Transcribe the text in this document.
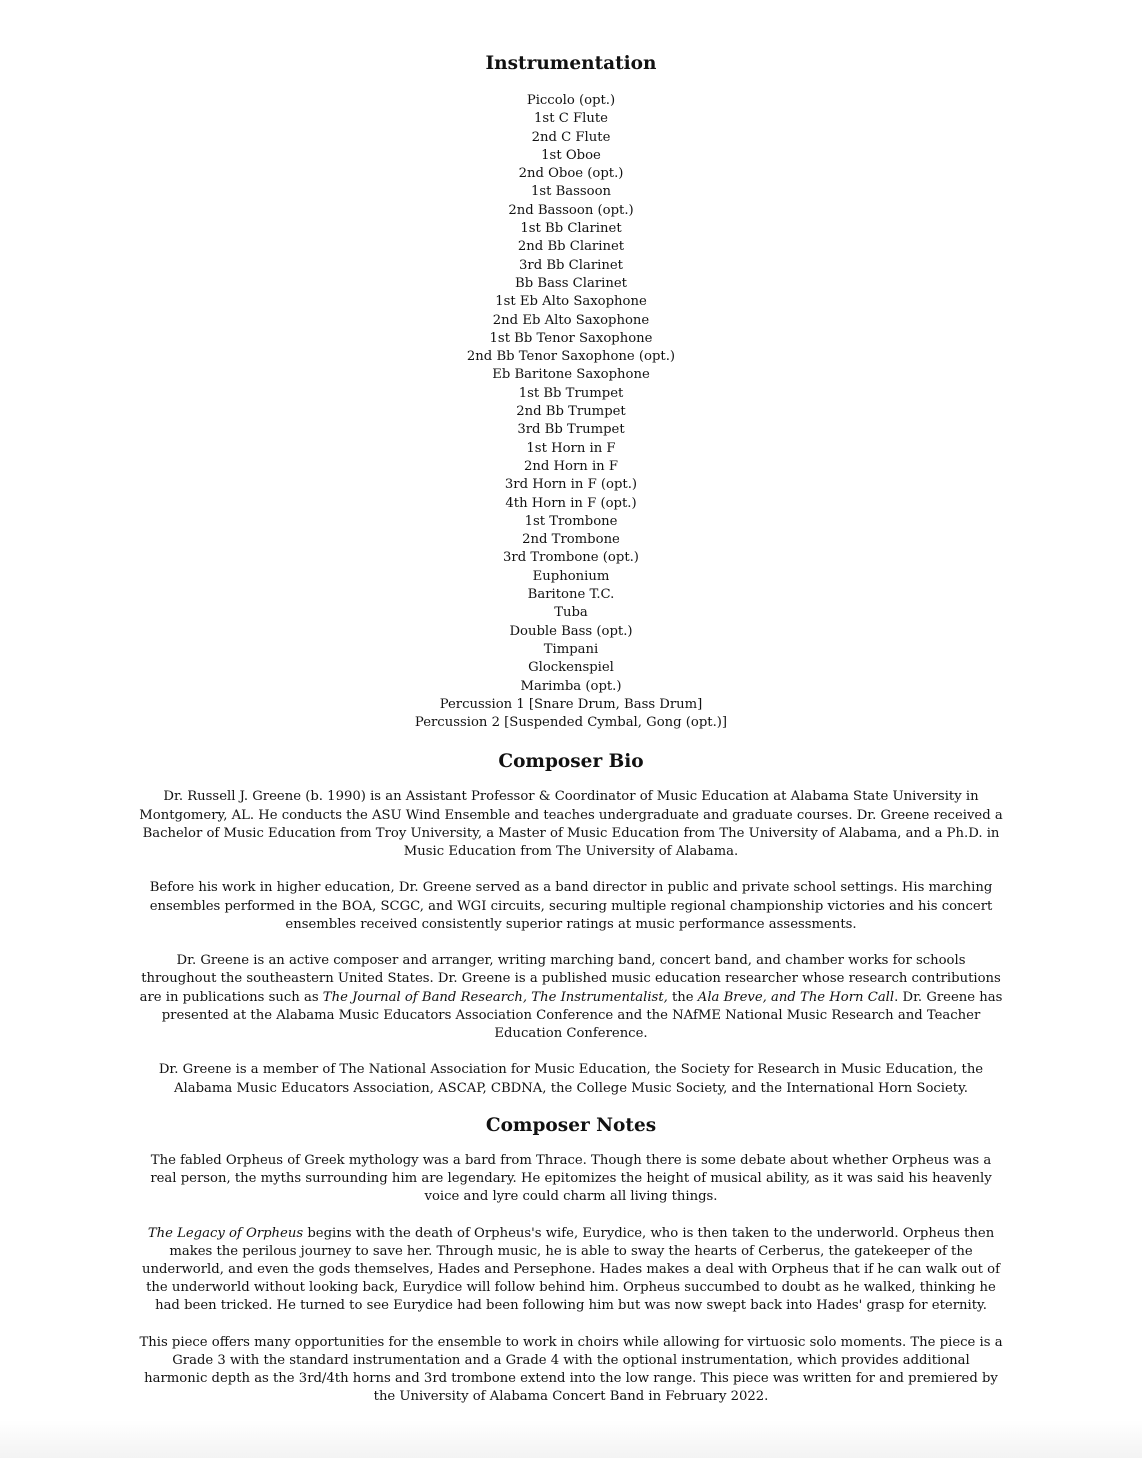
Instrumentation
Piccolo (opt.)
1st C Flute
2nd C Flute
1st Oboe
2nd Oboe (opt.)
1st Bassoon
2nd Bassoon (opt.)
1st Bb Clarinet
2nd Bb Clarinet
3rd Bb Clarinet
Bb Bass Clarinet
1st Eb Alto Saxophone
2nd Eb Alto Saxophone
1st Bb Tenor Saxophone
2nd Bb Tenor Saxophone (opt.)
Eb Baritone Saxophone
1st Bb Trumpet
2nd Bb Trumpet
3rd Bb Trumpet
1st Horn in F
2nd Horn in F
3rd Horn in F (opt.)
4th Horn in F (opt.)
1st Trombone
2nd Trombone
3rd Trombone (opt.)
Euphonium
Baritone T.C.
Tuba
Double Bass (opt.)
Timpani
Glockenspiel
Marimba (opt.)
Percussion 1 [Snare Drum, Bass Drum]
Percussion 2 [Suspended Cymbal, Gong (opt.)]
Composer Bio

Dr. Russell J. Greene (b. 1990) is an Assistant Professor & Coordinator of Music Education at Alabama State University in Montgomery, AL. He conducts the ASU Wind Ensemble and teaches undergraduate and graduate courses. Dr. Greene received a Bachelor of Music Education from Troy University, a Master of Music Education from The University of Alabama, and a Ph.D. in Music Education from The University of Alabama.

Before his work in higher education, Dr. Greene served as a band director in public and private school settings. His marching ensembles performed in the BOA, SCGC, and WGI circuits, securing multiple regional championship victories and his concert ensembles received consistently superior ratings at music performance assessments.

Dr. Greene is an active composer and arranger, writing marching band, concert band, and chamber works for schools throughout the southeastern United States. Dr. Greene is a published music education researcher whose research contributions are in publications such as The Journal of Band Research, The Instrumentalist, the Ala Breve, and The Horn Call. Dr. Greene has presented at the Alabama Music Educators Association Conference and the NAfME National Music Research and Teacher Education Conference.

Dr. Greene is a member of The National Association for Music Education, the Society for Research in Music Education, the Alabama Music Educators Association, ASCAP, CBDNA, the College Music Society, and the International Horn Society.

Composer Notes

The fabled Orpheus of Greek mythology was a bard from Thrace. Though there is some debate about whether Orpheus was a real person, the myths surrounding him are legendary. He epitomizes the height of musical ability, as it was said his heavenly voice and lyre could charm all living things.

The Legacy of Orpheus begins with the death of Orpheus's wife, Eurydice, who is then taken to the underworld. Orpheus then makes the perilous journey to save her. Through music, he is able to sway the hearts of Cerberus, the gatekeeper of the underworld, and even the gods themselves, Hades and Persephone. Hades makes a deal with Orpheus that if he can walk out of the underworld without looking back, Eurydice will follow behind him. Orpheus succumbed to doubt as he walked, thinking he had been tricked. He turned to see Eurydice had been following him but was now swept back into Hades' grasp for eternity.

This piece offers many opportunities for the ensemble to work in choirs while allowing for virtuosic solo moments. The piece is a Grade 3 with the standard instrumentation and a Grade 4 with the optional instrumentation, which provides additional harmonic depth as the 3rd/4th horns and 3rd trombone extend into the low range. This piece was written for and premiered by the University of Alabama Concert Band in February 2022.
